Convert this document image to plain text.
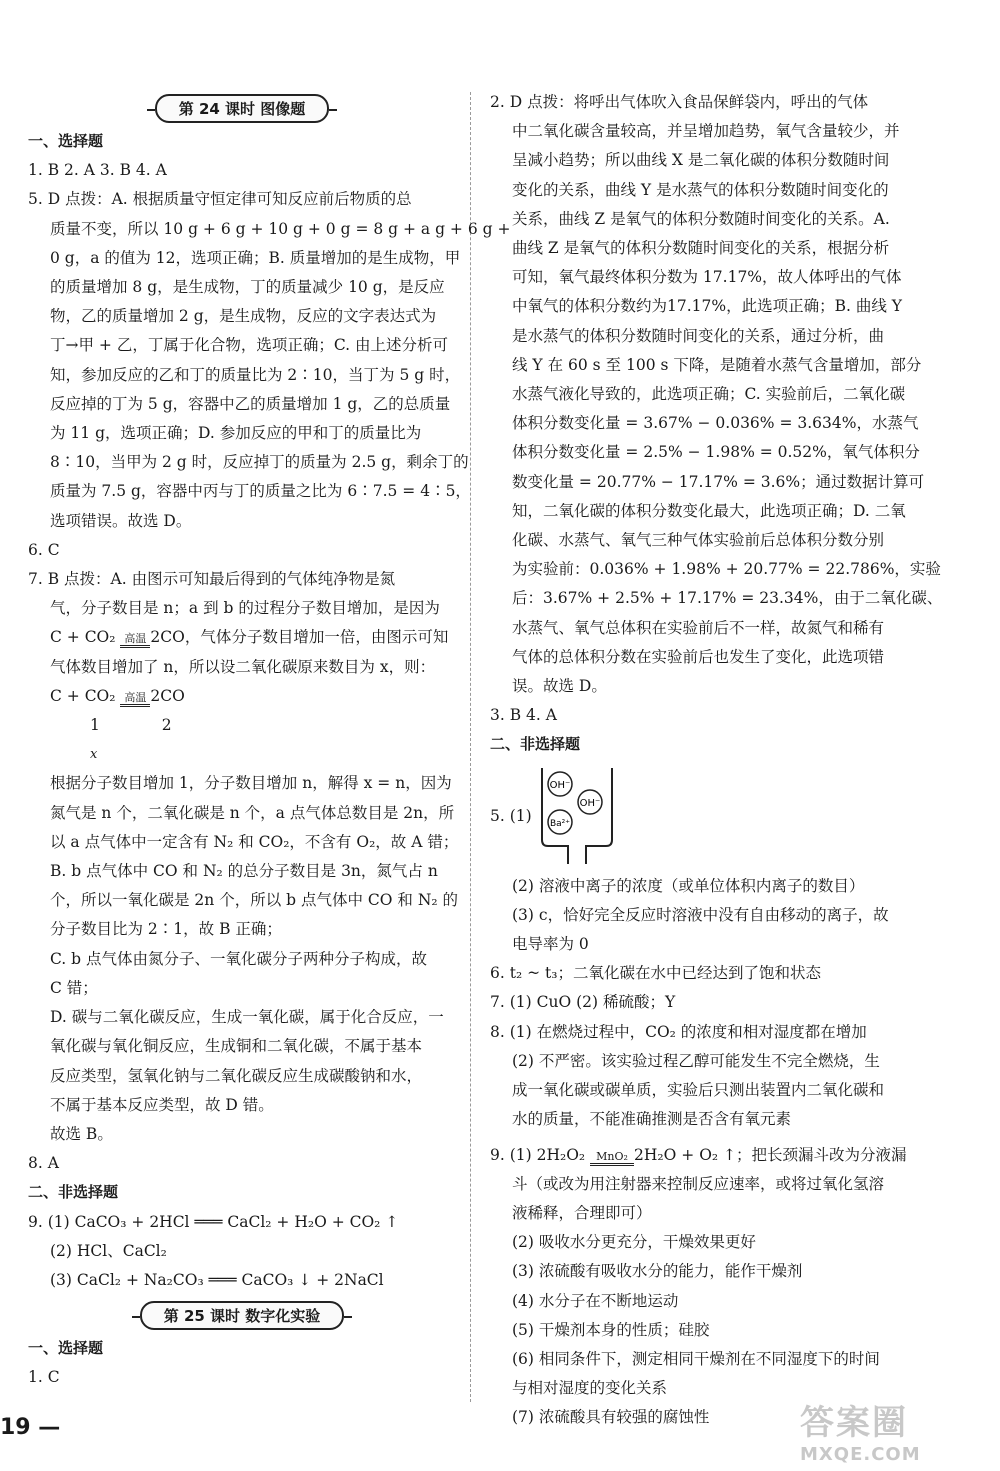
第 24 课时 图像题
一、选择题
1. B 2. A 3. B 4. A
5. D 点拨：A. 根据质量守恒定律可知反应前后物质的总
质量不变，所以 10 g + 6 g + 10 g + 0 g = 8 g + a g + 6 g +
0 g，a 的值为 12，选项正确；B. 质量增加的是生成物，甲
的质量增加 8 g，是生成物，丁的质量减少 10 g，是反应
物，乙的质量增加 2 g，是生成物，反应的文字表达式为
丁→甲 + 乙，丁属于化合物，选项正确；C. 由上述分析可
知，参加反应的乙和丁的质量比为 2∶10，当丁为 5 g 时，
反应掉的丁为 5 g，容器中乙的质量增加 1 g，乙的总质量
为 11 g，选项正确；D. 参加反应的甲和丁的质量比为
8∶10，当甲为 2 g 时，反应掉丁的质量为 2.5 g，剩余丁的
质量为 7.5 g，容器中丙与丁的质量之比为 6∶7.5 = 4∶5，
选项错误。故选 D。
6. C
7. B 点拨：A. 由图示可知最后得到的气体纯净物是氮
气，分子数目是 n；a 到 b 的过程分子数目增加，是因为
C + CO₂ 高温 2CO，气体分子数目增加一倍，由图示可知
气体数目增加了 n，所以设二氧化碳原来数目为 x，则：
C + CO₂ 高温 2CO
1	2
x
根据分子数目增加 1，分子数目增加 n，解得 x = n，因为
氮气是 n 个，二氧化碳是 n 个，a 点气体总数目是 2n，所
以 a 点气体中一定含有 N₂ 和 CO₂，不含有 O₂，故 A 错；
B. b 点气体中 CO 和 N₂ 的总分子数目是 3n，氮气占 n
个，所以一氧化碳是 2n 个，所以 b 点气体中 CO 和 N₂ 的
分子数目比为 2∶1，故 B 正确；
C. b 点气体由氮分子、一氧化碳分子两种分子构成，故
C 错；
D. 碳与二氧化碳反应，生成一氧化碳，属于化合反应，一
氧化碳与氧化铜反应，生成铜和二氧化碳，不属于基本
反应类型，氢氧化钠与二氧化碳反应生成碳酸钠和水，
不属于基本反应类型，故 D 错。
故选 B。
8. A
二、非选择题
9. (1) CaCO₃ + 2HCl ═══ CaCl₂ + H₂O + CO₂ ↑
(2) HCl、CaCl₂
(3) CaCl₂ + Na₂CO₃ ═══ CaCO₃ ↓ + 2NaCl
第 25 课时 数字化实验
一、选择题
1. C
2. D 点拨：将呼出气体吹入食品保鲜袋内，呼出的气体
中二氧化碳含量较高，并呈增加趋势，氧气含量较少，并
呈减小趋势；所以曲线 X 是二氧化碳的体积分数随时间
变化的关系，曲线 Y 是水蒸气的体积分数随时间变化的
关系，曲线 Z 是氧气的体积分数随时间变化的关系。A.
曲线 Z 是氧气的体积分数随时间变化的关系，根据分析
可知，氧气最终体积分数为 17.17%，故人体呼出的气体
中氧气的体积分数约为17.17%，此选项正确；B. 曲线 Y
是水蒸气的体积分数随时间变化的关系，通过分析，曲
线 Y 在 60 s 至 100 s 下降，是随着水蒸气含量增加，部分
水蒸气液化导致的，此选项正确；C. 实验前后，二氧化碳
体积分数变化量 = 3.67% − 0.036% = 3.634%，水蒸气
体积分数变化量 = 2.5% − 1.98% = 0.52%，氧气体积分
数变化量 = 20.77% − 17.17% = 3.6%；通过数据计算可
知，二氧化碳的体积分数变化最大，此选项正确；D. 二氧
化碳、水蒸气、氧气三种气体实验前后总体积分数分别
为实验前：0.036% + 1.98% + 20.77% = 22.786%，实验
后：3.67% + 2.5% + 17.17% = 23.34%，由于二氧化碳、
水蒸气、氧气总体积在实验前后不一样，故氮气和稀有
气体的总体积分数在实验前后也发生了变化，此选项错
误。故选 D。
3. B 4. A
二、非选择题
5. (1)
OH⁻
OH⁻
Ba²⁺
(2) 溶液中离子的浓度（或单位体积内离子的数目）
(3) c，恰好完全反应时溶液中没有自由移动的离子，故
电导率为 0
6. t₂ ~ t₃；二氧化碳在水中已经达到了饱和状态
7. (1) CuO (2) 稀硫酸；Y
8. (1) 在燃烧过程中，CO₂ 的浓度和相对湿度都在增加
(2) 不严密。该实验过程乙醇可能发生不完全燃烧，生
成一氧化碳或碳单质，实验后只测出装置内二氧化碳和
水的质量，不能准确推测是否含有氧元素
9. (1) 2H₂O₂ MnO₂ 2H₂O + O₂ ↑；把长颈漏斗改为分液漏
斗（或改为用注射器来控制反应速率，或将过氧化氢溶
液稀释，合理即可）
(2) 吸收水分更充分，干燥效果更好
(3) 浓硫酸有吸收水分的能力，能作干燥剂
(4) 水分子在不断地运动
(5) 干燥剂本身的性质；硅胶
(6) 相同条件下，测定相同干燥剂在不同湿度下的时间
与相对湿度的变化关系
(7) 浓硫酸具有较强的腐蚀性
19 —	答案圈
MXQE.COM
